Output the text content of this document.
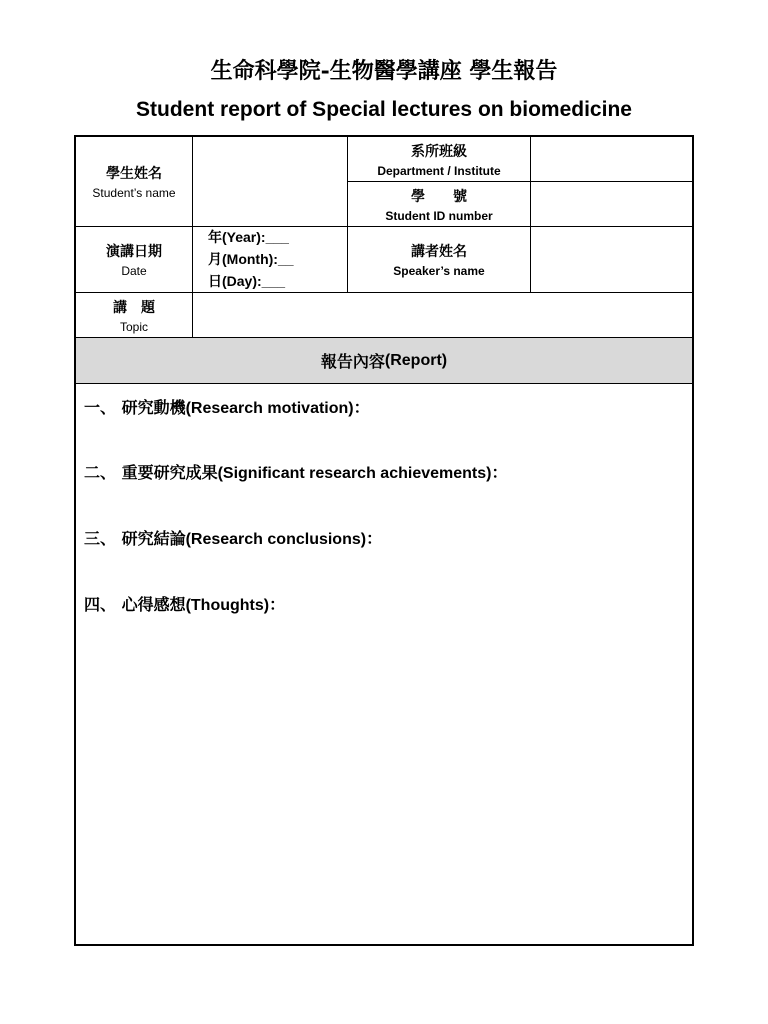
生命科學院-生物醫學講座 學生報告
Student report of Special lectures on biomedicine
學生姓名
Student’s name
系所班級
Department / Institute
學　　號
Student ID number
演講日期
Date
年(Year):___
月(Month):__
日(Day):___
講者姓名
Speaker’s name
講　題
Topic
報告內容 (Report)
一、 研究動機(Research motivation)：
二、 重要研究成果(Significant research achievements)：
三、 研究結論(Research conclusions)：
四、 心得感想(Thoughts)：
